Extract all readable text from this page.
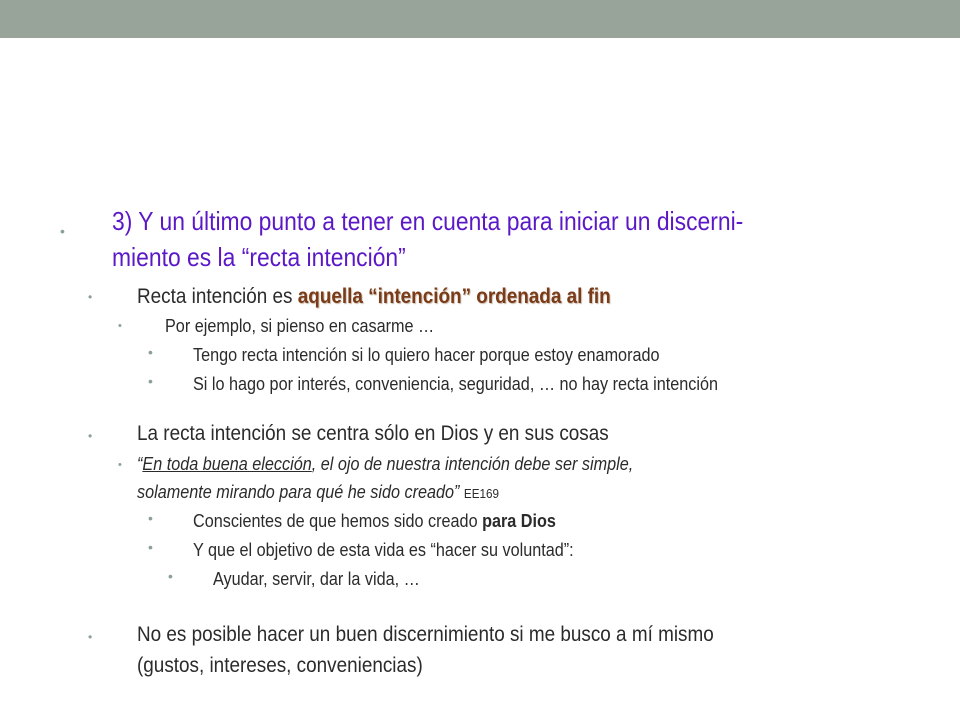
• 3) Y un último punto a tener en cuenta para iniciar un discerni-
miento es la “recta intención”
• Recta intención es aquella “intención” ordenada al fin
• Por ejemplo, si pienso en casarme …
• Tengo recta intención si lo quiero hacer porque estoy enamorado
• Si lo hago por interés, conveniencia, seguridad, … no hay recta intención
• La recta intención se centra sólo en Dios y en sus cosas
• “En toda buena elección, el ojo de nuestra intención debe ser simple,
solamente mirando para qué he sido creado” EE169
• Conscientes de que hemos sido creado para Dios
• Y que el objetivo de esta vida es “hacer su voluntad”:
• Ayudar, servir, dar la vida, …
• No es posible hacer un buen discernimiento si me busco a mí mismo
(gustos, intereses, conveniencias)
